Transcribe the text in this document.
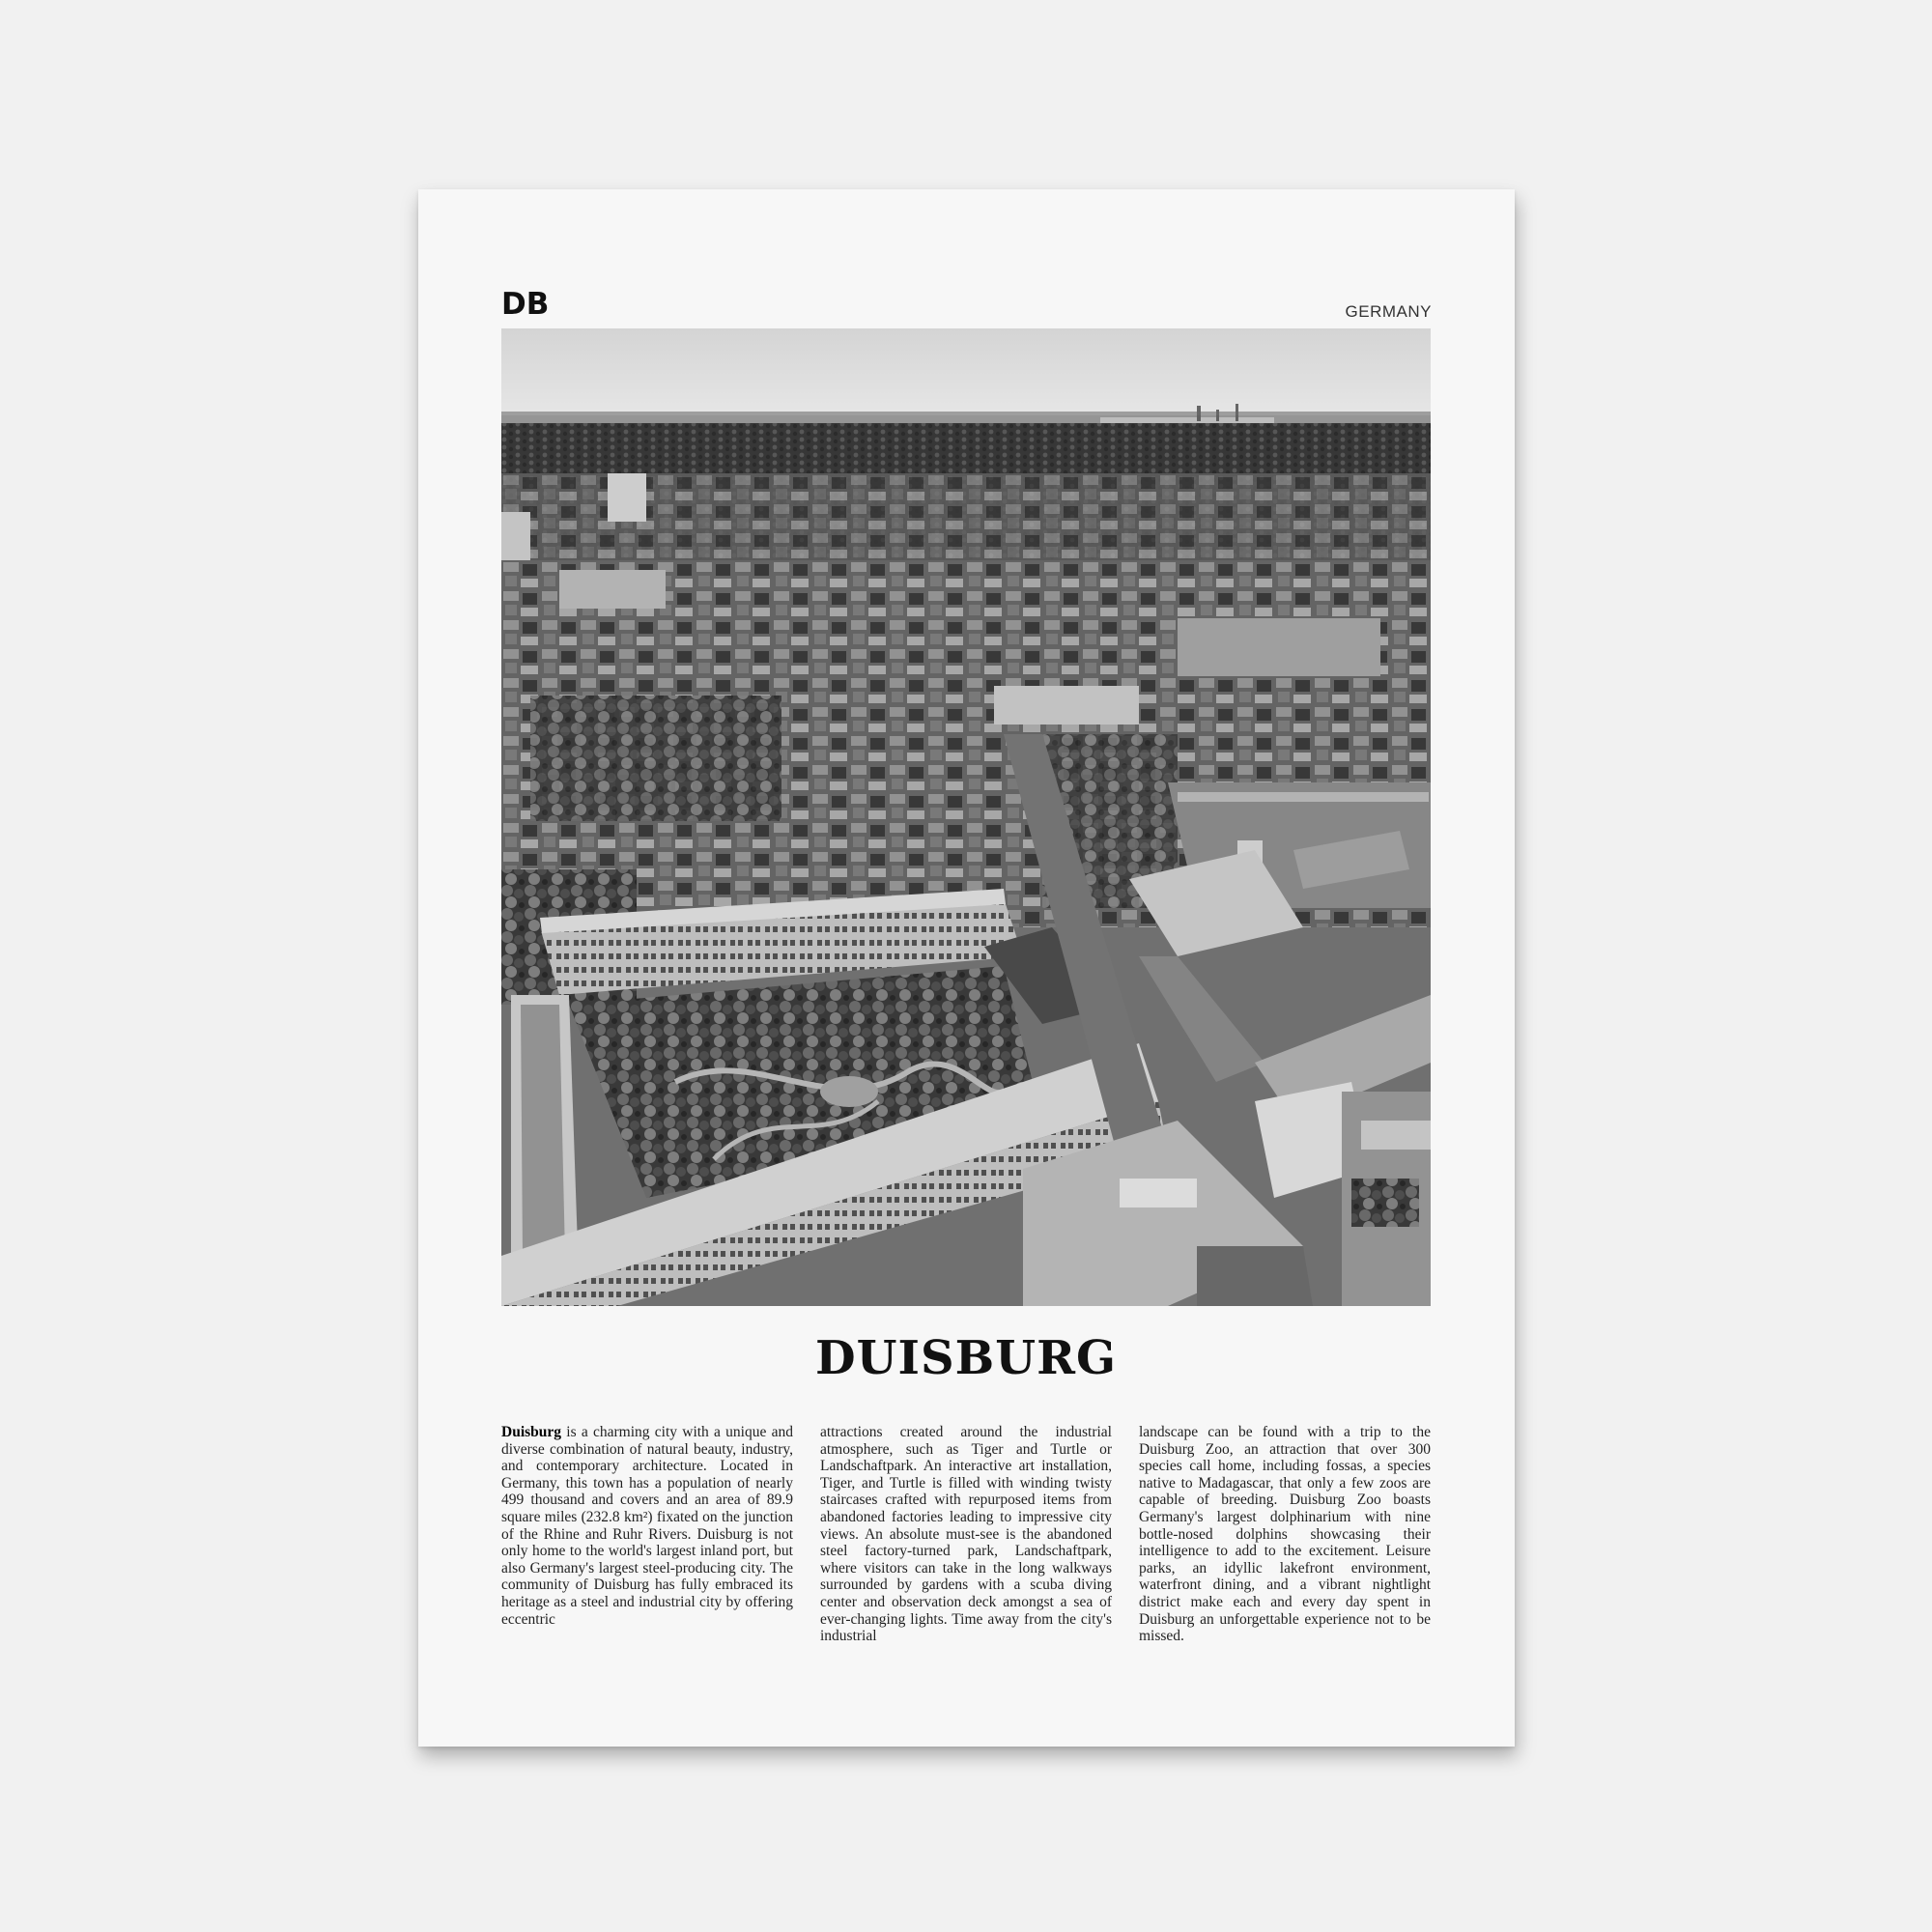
DB	GERMANY
DUISBURG
Duisburg is a charming city with a unique and diverse combination of natural beauty, industry, and contemporary architecture. Located in Germany, this town has a population of nearly 499 thousand and covers and an area of 89.9 square miles (232.8 km²) fixated on the junction of the Rhine and Ruhr Rivers. Duisburg is not only home to the world's largest inland port, but also Germany's largest steel-producing city. The community of Duisburg has fully embraced its heritage as a steel and industrial city by offering eccentric
attractions created around the industrial atmosphere, such as Tiger and Turtle or Landschaftpark. An interactive art installation, Tiger, and Turtle is filled with winding twisty staircases crafted with repurposed items from abandoned factories leading to impressive city views. An absolute must-see is the abandoned steel factory-turned park, Landschaftpark, where visitors can take in the long walkways surrounded by gardens with a scuba diving center and observation deck amongst a sea of ever-changing lights. Time away from the city's industrial
landscape can be found with a trip to the Duisburg Zoo, an attraction that over 300 species call home, including fossas, a species native to Madagascar, that only a few zoos are capable of breeding. Duisburg Zoo boasts Germany's largest dolphinarium with nine bottle-nosed dolphins showcasing their intelligence to add to the excitement. Leisure parks, an idyllic lakefront environment, waterfront dining, and a vibrant nightlight district make each and every day spent in Duisburg an unforgettable experience not to be missed.
